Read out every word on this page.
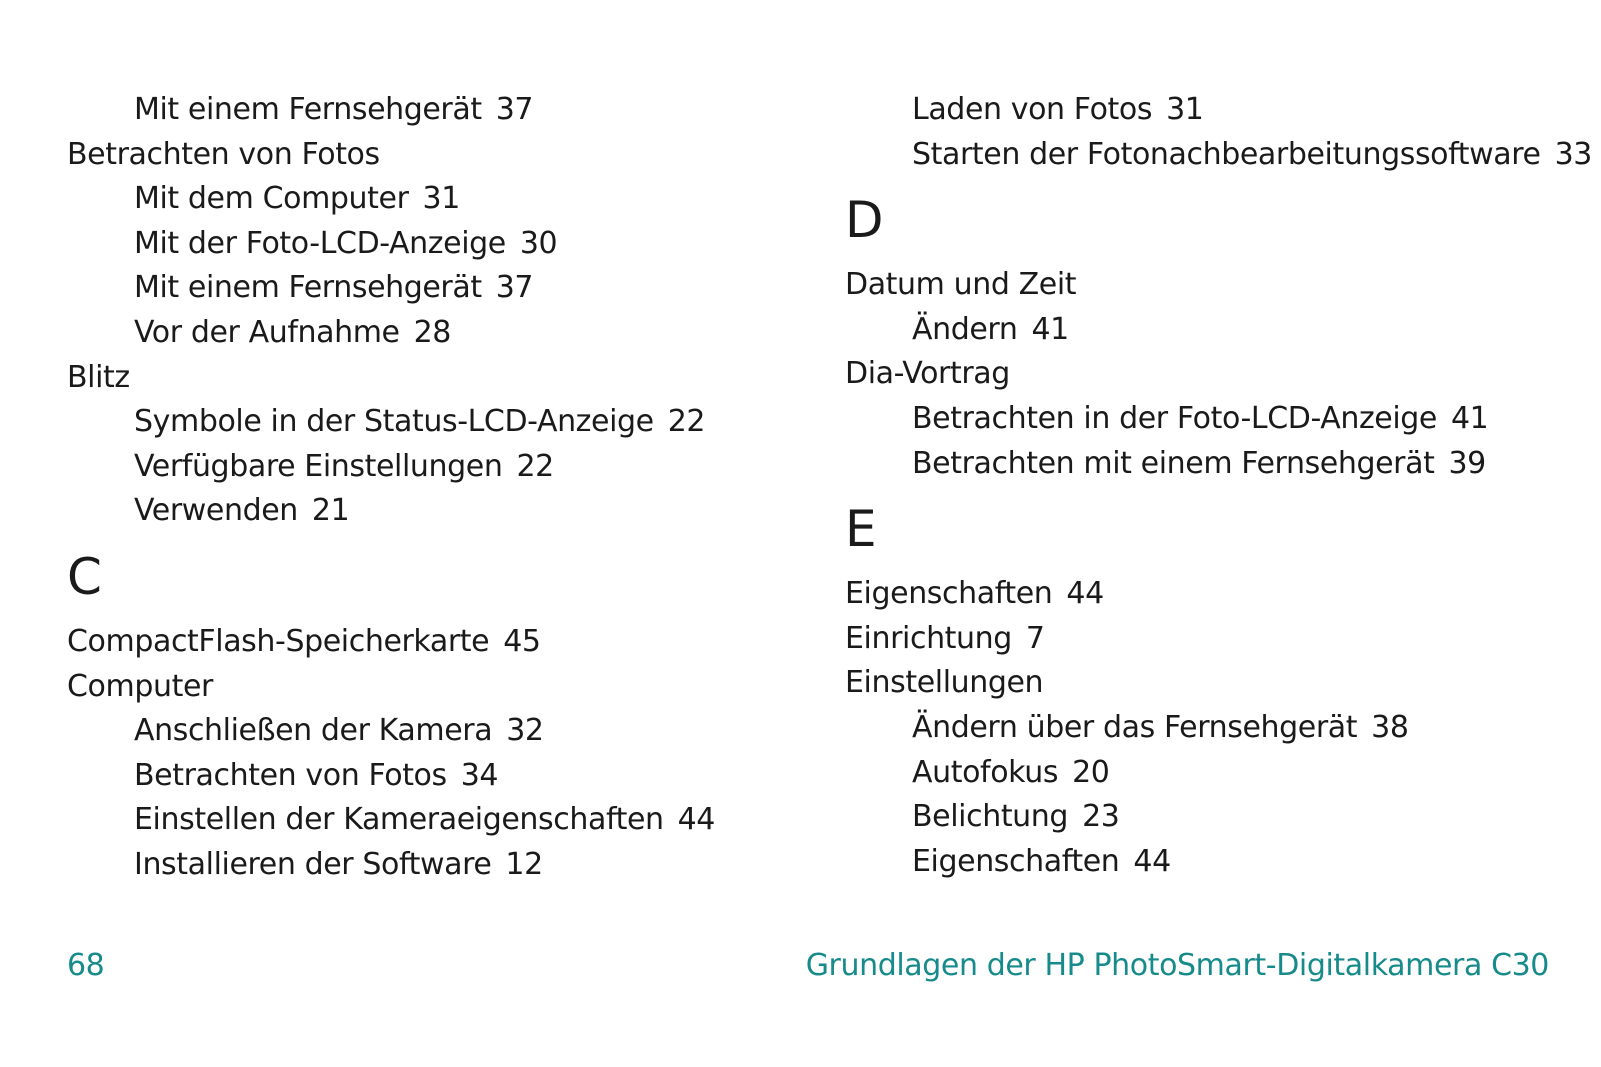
Mit einem Fernsehgerät 37
Betrachten von Fotos
Mit dem Computer 31
Mit der Foto-LCD-Anzeige 30
Mit einem Fernsehgerät 37
Vor der Aufnahme 28
Blitz
Symbole in der Status-LCD-Anzeige 22
Verfügbare Einstellungen 22
Verwenden 21
C
CompactFlash-Speicherkarte 45
Computer
Anschließen der Kamera 32
Betrachten von Fotos 34
Einstellen der Kameraeigenschaften 44
Installieren der Software 12
Laden von Fotos 31
Starten der Fotonachbearbeitungssoftware 33
D
Datum und Zeit
Ändern 41
Dia-Vortrag
Betrachten in der Foto-LCD-Anzeige 41
Betrachten mit einem Fernsehgerät 39
E
Eigenschaften 44
Einrichtung 7
Einstellungen
Ändern über das Fernsehgerät 38
Autofokus 20
Belichtung 23
Eigenschaften 44
68	Grundlagen der HP PhotoSmart-Digitalkamera C30
